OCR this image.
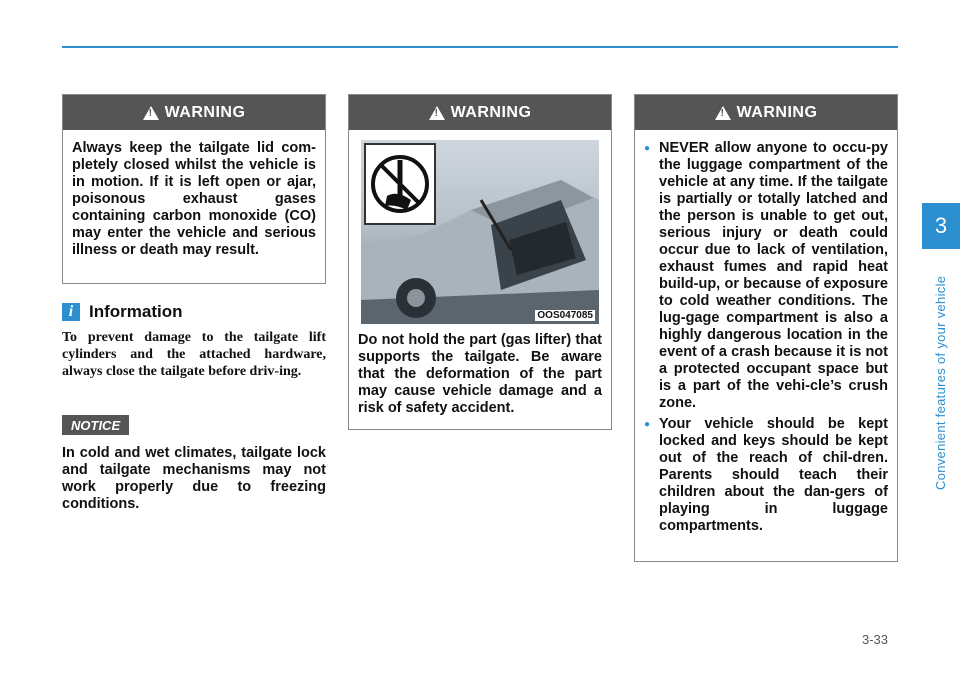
3
Convenient features of your vehicle
!
WARNING
Always keep the tailgate lid com-pletely closed whilst the vehicle is in motion. If it is left open or ajar, poisonous exhaust gases containing carbon monoxide (CO) may enter the vehicle and serious illness or death may result.
i Information
To prevent damage to the tailgate lift cylinders and the attached hardware, always close the tailgate before driv-ing.
NOTICE
In cold and wet climates, tailgate lock and tailgate mechanisms may not work properly due to freezing conditions.
!
WARNING
OOS047085
Do not hold the part (gas lifter) that supports the tailgate. Be aware that the deformation of the part may cause vehicle damage and a risk of safety accident.
!
WARNING
● NEVER allow anyone to occu-py the luggage compartment of the vehicle at any time. If the tailgate is partially or totally latched and the person is unable to get out, serious injury or death could occur due to lack of ventilation, exhaust fumes and rapid heat build-up, or because of exposure to cold weather conditions. The lug-gage compartment is also a highly dangerous location in the event of a crash because it is not a protected occupant space but is a part of the vehi-cle’s crush zone.
● Your vehicle should be kept locked and keys should be kept out of the reach of chil-dren. Parents should teach their children about the dan-gers of playing in luggage compartments.
3-33
